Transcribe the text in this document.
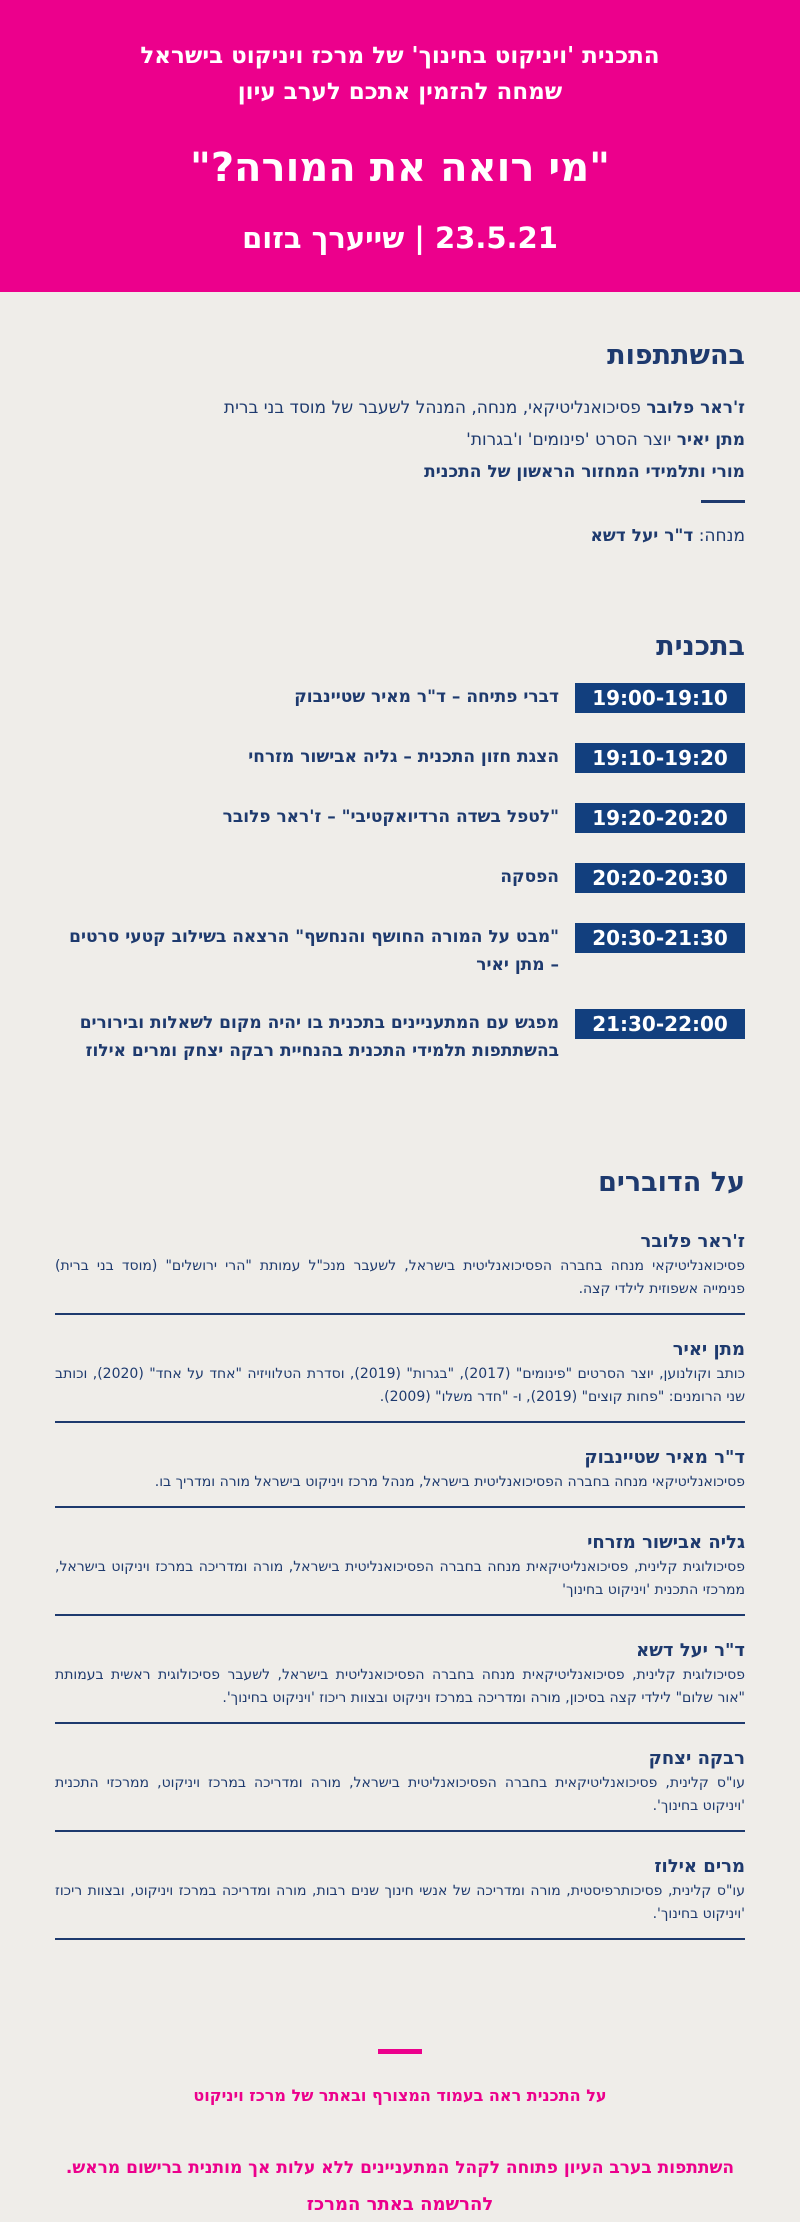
התכנית 'ויניקוט בחינוך' של מרכז ויניקוט בישראל
שמחה להזמין אתכם לערב עיון
"מי רואה את המורה?"
23.5.21 | שייערך בזום
בהשתתפות
ז'ראר פלובר פסיכואנליטיקאי, מנחה, המנהל לשעבר של מוסד בני ברית
מתן יאיר יוצר הסרט 'פינומים' ו'בגרות'
מורי ותלמידי המחזור הראשון של התכנית
מנחה: ד"ר יעל דשא
בתכנית
19:00-19:10
דברי פתיחה – ד"ר מאיר שטיינבוק
19:10-19:20
הצגת חזון התכנית – גליה אבישור מזרחי
19:20-20:20
"לטפל בשדה הרדיואקטיבי" – ז'ראר פלובר
20:20-20:30
הפסקה
20:30-21:30
"מבט על המורה החושף והנחשף" הרצאה בשילוב קטעי סרטים – מתן יאיר
21:30-22:00
מפגש עם המתעניינים בתכנית בו יהיה מקום לשאלות ובירורים בהשתתפות תלמידי התכנית בהנחיית רבקה יצחק ומרים אילוז
על הדוברים
ז'ראר פלובר
פסיכואנליטיקאי מנחה בחברה הפסיכואנליטית בישראל, לשעבר מנכ"ל עמותת "הרי ירושלים" (מוסד בני ברית) פנימייה אשפוזית לילדי קצה.
מתן יאיר
כותב וקולנוען, יוצר הסרטים "פינומים" (2017), "בגרות" (2019), וסדרת הטלוויזיה "אחד על אחד" (2020), וכותב שני הרומנים: "פחות קוצים" (2019), ו- "חדר משלו" (2009).
ד"ר מאיר שטיינבוק
פסיכואנליטיקאי מנחה בחברה הפסיכואנליטית בישראל, מנהל מרכז ויניקוט בישראל מורה ומדריך בו.
גליה אבישור מזרחי
פסיכולוגית קלינית, פסיכואנליטיקאית מנחה בחברה הפסיכואנליטית בישראל, מורה ומדריכה במרכז ויניקוט בישראל, ממרכזי התכנית 'ויניקוט בחינוך'
ד"ר יעל דשא
פסיכולוגית קלינית, פסיכואנליטיקאית מנחה בחברה הפסיכואנליטית בישראל, לשעבר פסיכולוגית ראשית בעמותת "אור שלום" לילדי קצה בסיכון, מורה ומדריכה במרכז ויניקוט ובצוות ריכוז 'ויניקוט בחינוך'.
רבקה יצחק
עו"ס קלינית, פסיכואנליטיקאית בחברה הפסיכואנליטית בישראל, מורה ומדריכה במרכז ויניקוט, ממרכזי התכנית 'ויניקוט בחינוך'.
מרים אילוז
עו"ס קלינית, פסיכותרפיסטית, מורה ומדריכה של אנשי חינוך שנים רבות, מורה ומדריכה במרכז ויניקוט, ובצוות ריכוז 'ויניקוט בחינוך'.
על התכנית ראה בעמוד המצורף ובאתר של מרכז ויניקוט
השתתפות בערב העיון פתוחה לקהל המתעניינים ללא עלות אך מותנית ברישום מראש.
להרשמה באתר המרכז
